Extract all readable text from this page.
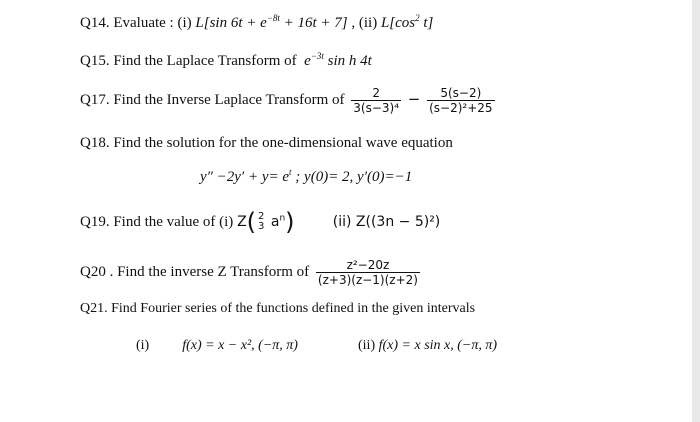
Q14. Evaluate : (i) L[sin $6t + e^{-8t} + 16t + 7$] , (ii) $L[\cos^2$ t]
Q15. Find the Laplace Transform of $e^{-3t}$ sin h 4t
Q17. Find the Inverse Laplace Transform of $\frac{2}{\text{3(s−3)⁴}} - \frac{5(s-2)}{\text{(s−2)²+25}}$
Q18. Find the solution for the one-dimensional wave equation
$y'' -2y' + y= e^t$ ; y(0)= 2, y′(0)=−1
Q19. Find the value of (i) Z( 2
3 $a^n$)	(ii) Z((3n − 5)²)
Q20 . Find the inverse Z Transform of $\frac{\text{z²−20z}}{(z+3)(z-1)(z+2)}$
Q21. Find Fourier series of the functions defined in the given intervals
(i) f(x) = x − x², (−π, π)	(ii) f(x) = x sin x, (−π, π)
